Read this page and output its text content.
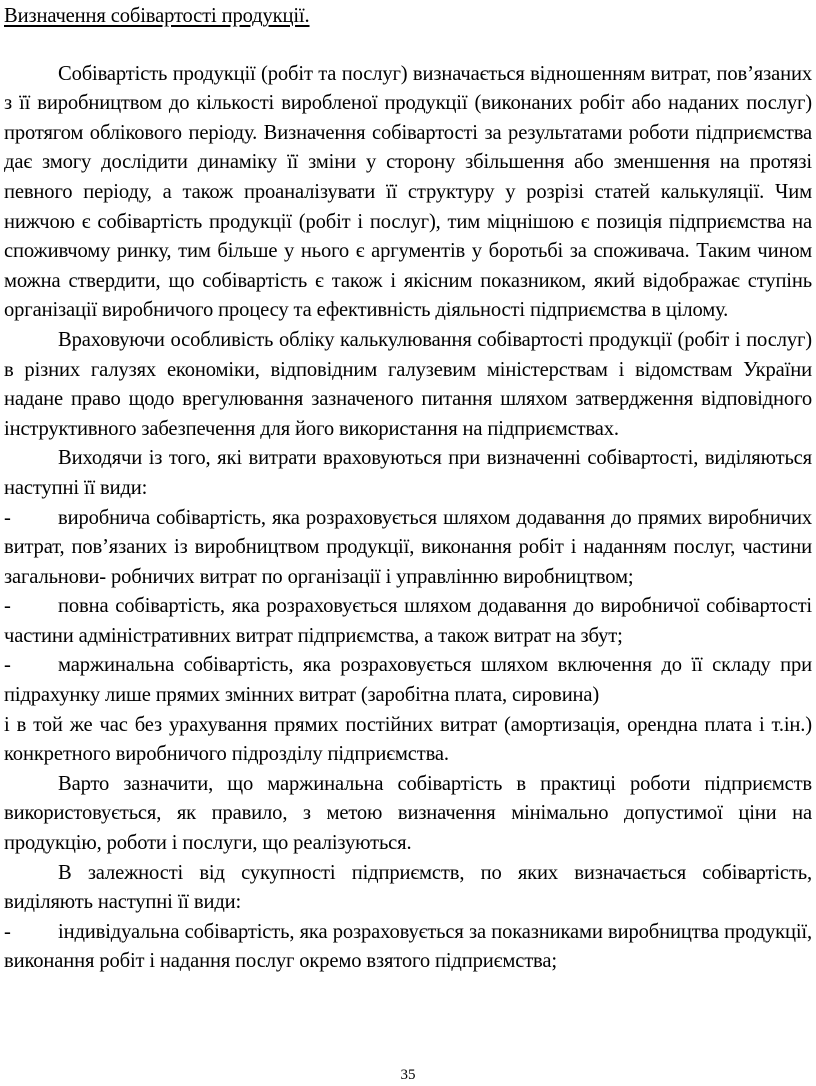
Визначення собівартості продукції.

Собівартість продукції (робіт та послуг) визначається відношенням витрат, пов’язаних з її виробництвом до кількості виробленої продукції (виконаних робіт або наданих послуг) протягом облікового періоду. Визначення собівартості за результатами роботи підприємства дає змогу дослідити динаміку її зміни у сторону збільшення або зменшення на протязі певного періоду, а також проаналізувати її структуру у розрізі статей калькуляції. Чим нижчою є собівартість продукції (робіт і послуг), тим міцнішою є позиція підприємства на споживчому ринку, тим більше у нього є аргументів у боротьбі за споживача. Таким чином можна ствердити, що собівартість є також і якісним показником, який відображає ступінь організації виробничого процесу та ефективність діяльності підприємства в цілому.

Враховуючи особливість обліку калькулювання собівартості продукції (робіт і послуг) в різних галузях економіки, відповідним галузевим міністерствам і відомствам України надане право щодо врегулювання зазначеного питання шляхом затвердження відповідного інструктивного забезпечення для його використання на підприємствах.

Виходячи із того, які витрати враховуються при визначенні собівартості, виділяються наступні її види:

- виробнича собівартість, яка розраховується шляхом додавання до прямих виробничих витрат, пов’язаних із виробництвом продукції, виконання робіт і наданням послуг, частини загальнови- робничих витрат по організації і управлінню виробництвом;

- повна собівартість, яка розраховується шляхом додавання до виробничої собівартості частини адміністративних витрат підприємства, а також витрат на збут;

- маржинальна собівартість, яка розраховується шляхом включення до її складу при підрахунку лише прямих змінних витрат (заробітна плата, сировина)

і в той же час без урахування прямих постійних витрат (амортизація, орендна плата і т.ін.) конкретного виробничого підрозділу підприємства.

Варто зазначити, що маржинальна собівартість в практиці роботи підприємств використовується, як правило, з метою визначення мінімально допустимої ціни на продукцію, роботи і послуги, що реалізуються.

В залежності від сукупності підприємств, по яких визначається собівартість, виділяють наступні її види:

- індивідуальна собівартість, яка розраховується за показниками виробництва продукції, виконання робіт і надання послуг окремо взятого підприємства;

35
